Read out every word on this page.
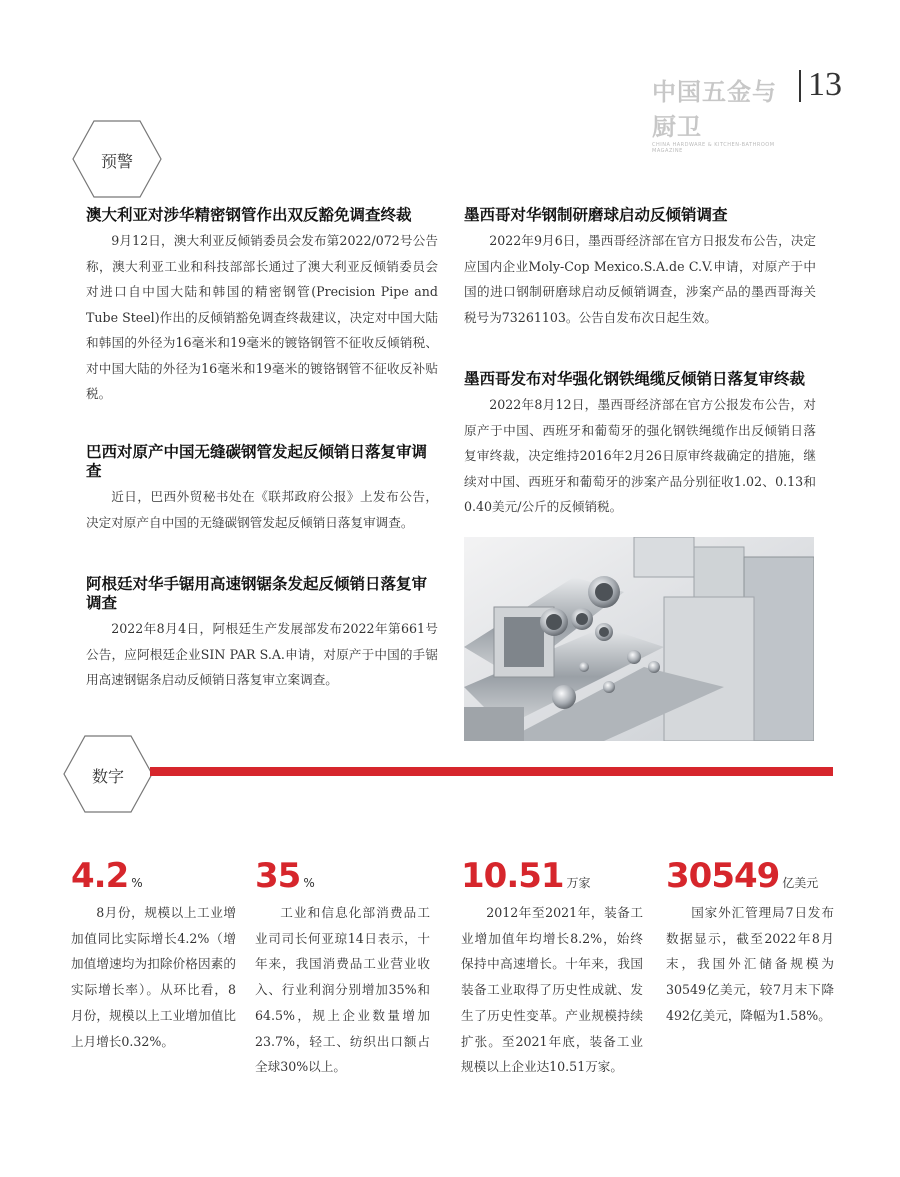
中国五金与厨卫
CHINA HARDWARE & KITCHEN-BATHROOM MAGAZINE
13
预警
澳大利亚对涉华精密钢管作出双反豁免调查终裁

9月12日，澳大利亚反倾销委员会发布第2022/072号公告称，澳大利亚工业和科技部部长通过了澳大利亚反倾销委员会对进口自中国大陆和韩国的精密钢管(Precision Pipe and Tube Steel)作出的反倾销豁免调查终裁建议，决定对中国大陆和韩国的外径为16毫米和19毫米的镀铬钢管不征收反倾销税、对中国大陆的外径为16毫米和19毫米的镀铬钢管不征收反补贴税。

巴西对原产中国无缝碳钢管发起反倾销日落复审调查

近日，巴西外贸秘书处在《联邦政府公报》上发布公告，决定对原产自中国的无缝碳钢管发起反倾销日落复审调查。

阿根廷对华手锯用高速钢锯条发起反倾销日落复审调查

2022年8月4日，阿根廷生产发展部发布2022年第661号公告，应阿根廷企业SIN PAR S.A.申请，对原产于中国的手锯用高速钢锯条启动反倾销日落复审立案调查。

墨西哥对华钢制研磨球启动反倾销调查

2022年9月6日，墨西哥经济部在官方日报发布公告，决定应国内企业Moly-Cop Mexico.S.A.de C.V.申请，对原产于中国的进口钢制研磨球启动反倾销调查，涉案产品的墨西哥海关税号为73261103。公告自发布次日起生效。

墨西哥发布对华强化钢铁绳缆反倾销日落复审终裁

2022年8月12日，墨西哥经济部在官方公报发布公告，对原产于中国、西班牙和葡萄牙的强化钢铁绳缆作出反倾销日落复审终裁，决定维持2016年2月26日原审终裁确定的措施，继续对中国、西班牙和葡萄牙的涉案产品分别征收1.02、0.13和0.40美元/公斤的反倾销税。

数字
4.2 %

8月份，规模以上工业增加值同比实际增长4.2%（增加值增速均为扣除价格因素的实际增长率）。从环比看，8月份，规模以上工业增加值比上月增长0.32%。

35 %

工业和信息化部消费品工业司司长何亚琼14日表示，十年来，我国消费品工业营业收入、行业利润分别增加35%和64.5%，规上企业数量增加23.7%，轻工、纺织出口额占全球30%以上。

10.51 万家

2012年至2021年，装备工业增加值年均增长8.2%，始终保持中高速增长。十年来，我国装备工业取得了历史性成就、发生了历史性变革。产业规模持续扩张。至2021年底，装备工业规模以上企业达10.51万家。

30549 亿美元

国家外汇管理局7日发布数据显示，截至2022年8月末，我国外汇储备规模为30549亿美元，较7月末下降492亿美元，降幅为1.58%。
